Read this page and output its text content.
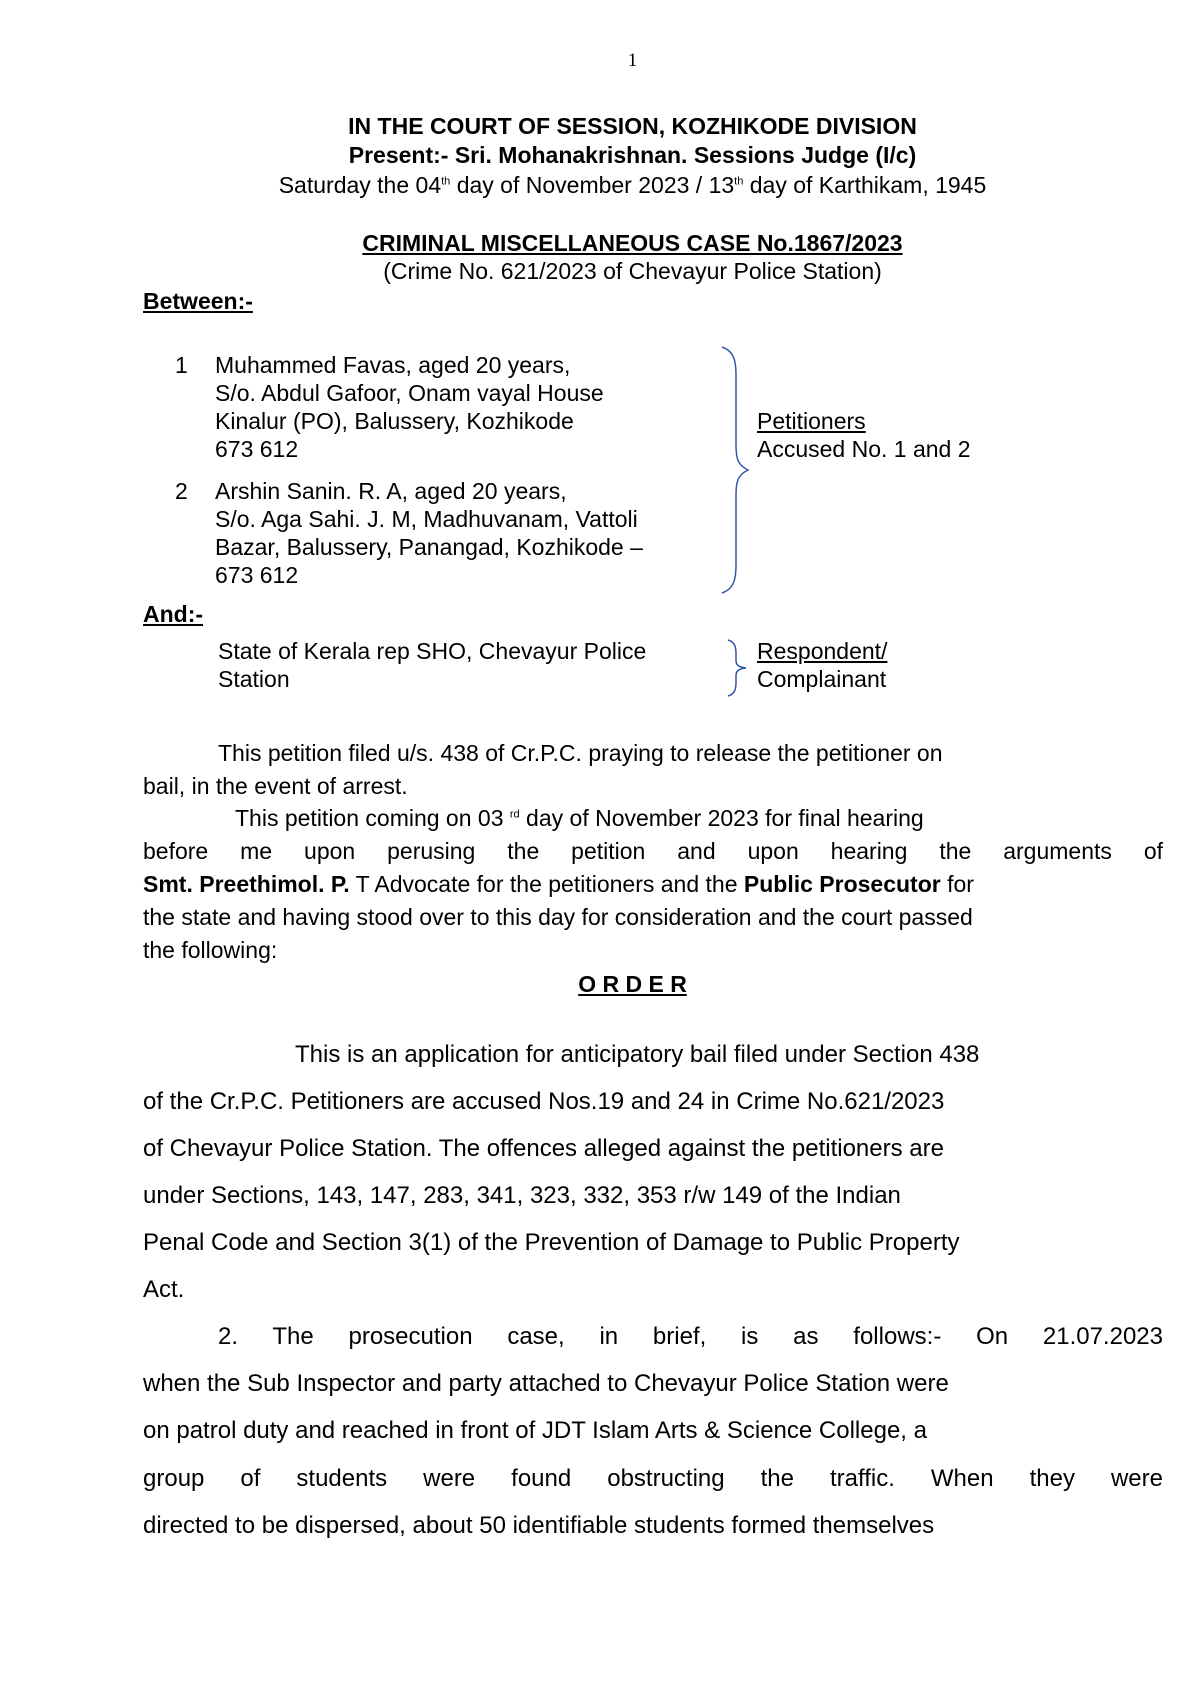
1
IN THE COURT OF SESSION, KOZHIKODE DIVISION
Present:- Sri. Mohanakrishnan. Sessions Judge (I/c)
Saturday the 04th day of November 2023 / 13th day of Karthikam, 1945
CRIMINAL MISCELLANEOUS CASE No.1867/2023
(Crime No. 621/2023 of Chevayur Police Station)
Between:-
1 Muhammed Favas, aged 20 years,
S/o. Abdul Gafoor, Onam vayal House
Kinalur (PO), Balussery, Kozhikode
673 612
2 Arshin Sanin. R. A, aged 20 years,
S/o. Aga Sahi. J. M, Madhuvanam, Vattoli
Bazar, Balussery, Panangad, Kozhikode –
673 612
Petitioners
Accused No. 1 and 2
And:-
State of Kerala rep SHO, Chevayur Police
Station
Respondent/
Complainant
This petition filed u/s. 438 of Cr.P.C. praying to release the petitioner on
bail, in the event of arrest.
This petition coming on 03 $^{rd}$ day of November 2023 for final hearing
before me upon perusing the petition and upon hearing the arguments of
Smt. Preethimol. P. T Advocate for the petitioners and the Public Prosecutor for
the state and having stood over to this day for consideration and the court passed
the following:
O R D E R
This is an application for anticipatory bail filed under Section 438
of the Cr.P.C. Petitioners are accused Nos.19 and 24 in Crime No.621/2023
of Chevayur Police Station. The offences alleged against the petitioners are
under Sections, 143, 147, 283, 341, 323, 332, 353 r/w 149 of the Indian
Penal Code and Section 3(1) of the Prevention of Damage to Public Property
Act.
2. The prosecution case, in brief, is as follows:- On 21.07.2023
when the Sub Inspector and party attached to Chevayur Police Station were
on patrol duty and reached in front of JDT Islam Arts & Science College, a
group of students were found obstructing the traffic. When they were
directed to be dispersed, about 50 identifiable students formed themselves
